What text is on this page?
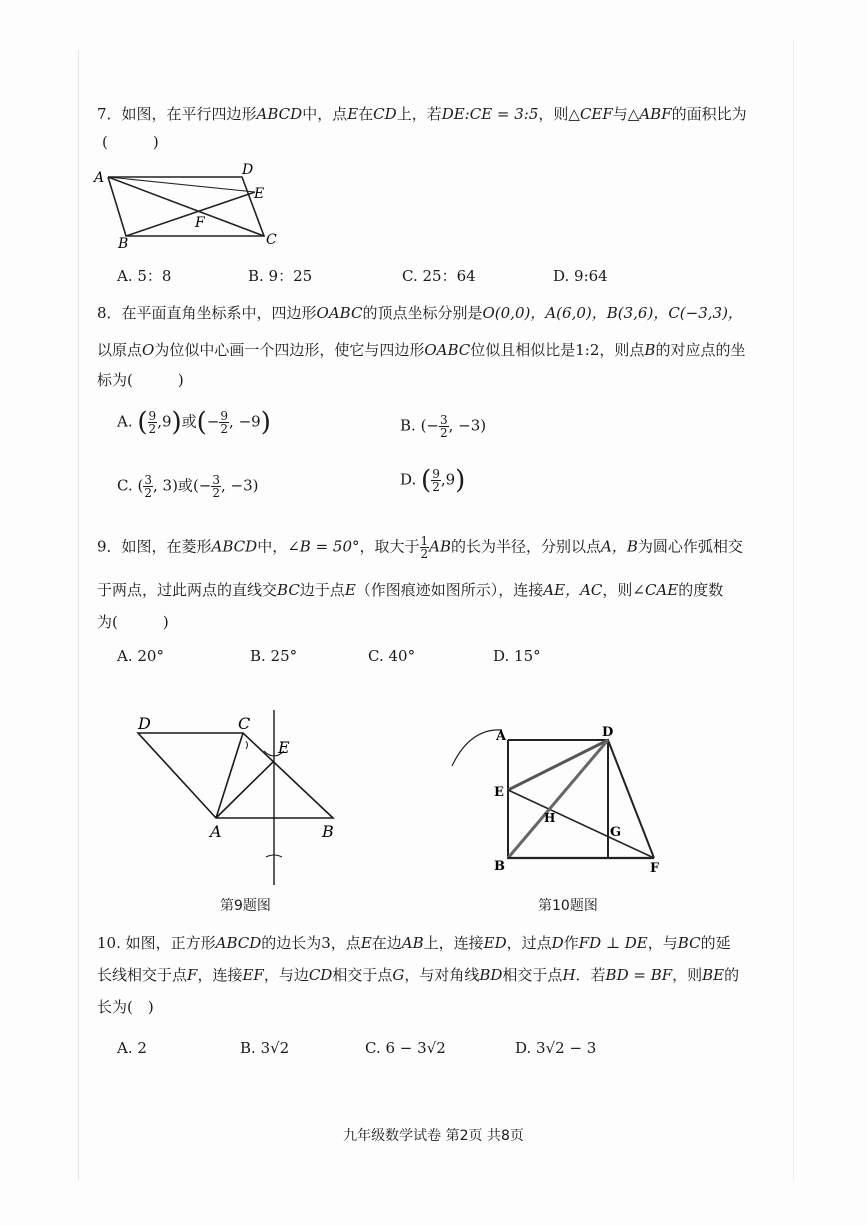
7．如图，在平行四边形ABCD中，点E在CD上，若DE:CE = 3:5，则△CEF与△ABF的面积比为
(　　　)
A	D
E
F
B	C
A. 5：8	B. 9：25	C. 25：64	D. 9:64
8．在平面直角坐标系中，四边形OABC的顶点坐标分别是O(0,0)，A(6,0)，B(3,6)，C(−3,3)，
以原点O为位似中心画一个四边形，使它与四边形OABC位似且相似比是1:2，则点B的对应点的坐
标为(　　　)
A. ( $\frac{9}{2} ,9$)或(− $\frac{9}{2}$ , −9)	B. (− $\frac{3}{2}$ , −3)
C. ( $\frac{3}{2}$ , 3)或(− $\frac{3}{2}$ , −3)	D. ( $\frac{9}{2} ,9$)
9．如图，在菱形ABCD中，∠B = 50°，取大于 $\frac{1}{2}$ AB的长为半径，分别以点A，B为圆心作弧相交
于两点，过此两点的直线交BC边于点E（作图痕迹如图所示），连接AE，AC，则∠CAE的度数
为(　　　)
A. 20°	B. 25°	C. 40°	D. 15°
D	C
E
A	B
第9题图
A	D
E
H
G
B	F
第10题图
10. 如图，正方形ABCD的边长为3，点E在边AB上，连接ED，过点D作FD ⊥ DE，与BC的延
长线相交于点F，连接EF，与边CD相交于点G，与对角线BD相交于点H．若BD = BF，则BE的
长为(　)
A. 2	B. 3√2	C. 6 − 3√2	D. 3√2 − 3
九年级数学试卷 第2页 共8页
